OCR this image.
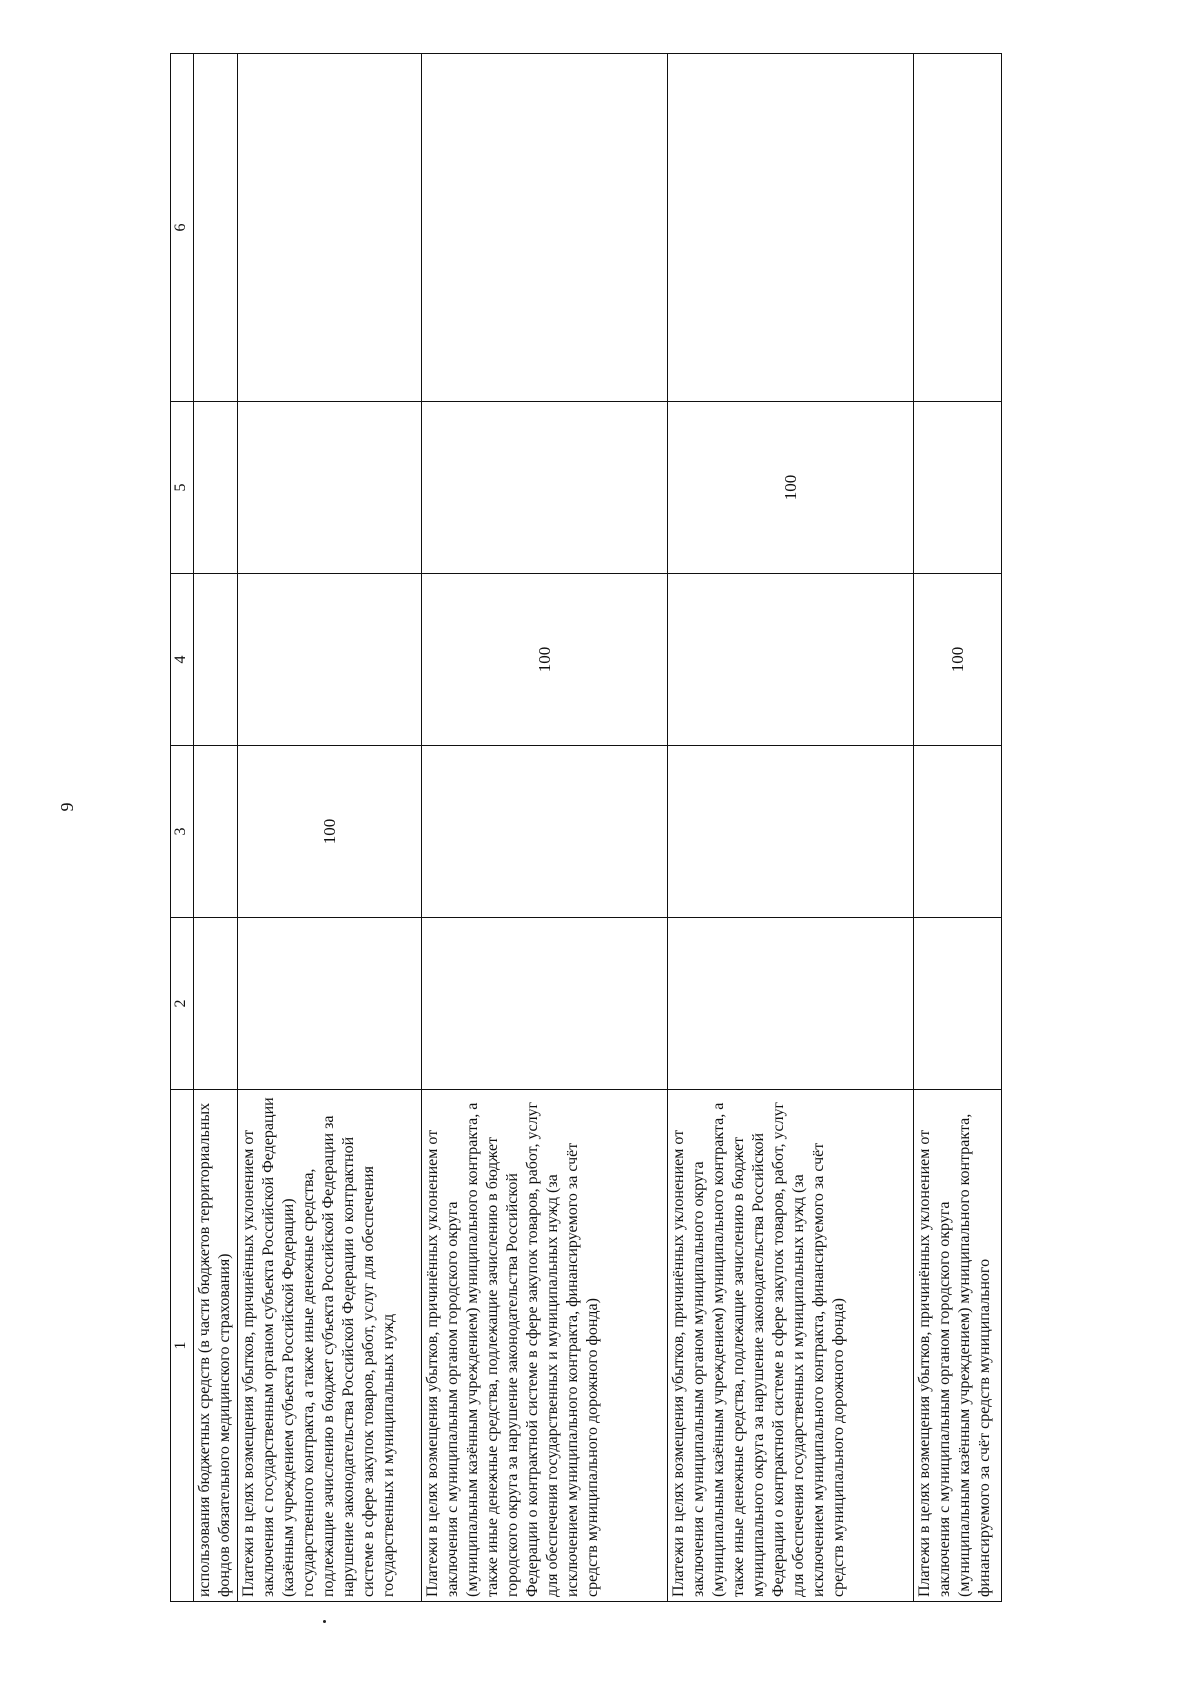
9
1	2	3	4	5	6
использования бюджетных средств (в части бюджетов территориальных фондов обязательного медицинского страхования)					
Платежи в целях возмещения убытков, причинённых уклонением от заключения с государственным органом субъекта Российской Федерации (казённым учреждением субъекта Российской Федерации) государственного контракта, а также иные денежные средства, подлежащие зачислению в бюджет субъекта Российской Федерации за нарушение законодательства Российской Федерации о контрактной системе в сфере закупок товаров, работ, услуг для обеспечения государственных и муниципальных нужд		100			
Платежи в целях возмещения убытков, причинённых уклонением от заключения с муниципальным органом городского округа (муниципальным казённым учреждением) муниципального контракта, а также иные денежные средства, подлежащие зачислению в бюджет городского округа за нарушение законодательства Российской Федерации о контрактной системе в сфере закупок товаров, работ, услуг для обеспечения государственных и муниципальных нужд (за исключением муниципального контракта, финансируемого за счёт средств муниципального дорожного фонда)			100		
Платежи в целях возмещения убытков, причинённых уклонением от заключения с муниципальным органом муниципального округа (муниципальным казённым учреждением) муниципального контракта, а также иные денежные средства, подлежащие зачислению в бюджет муниципального округа за нарушение законодательства Российской Федерации о контрактной системе в сфере закупок товаров, работ, услуг для обеспечения государственных и муниципальных нужд (за исключением муниципального контракта, финансируемого за счёт средств муниципального дорожного фонда)				100	
Платежи в целях возмещения убытков, причинённых уклонением от заключения с муниципальным органом городского округа (муниципальным казённым учреждением) муниципального контракта, финансируемого за счёт средств муниципального			100		
